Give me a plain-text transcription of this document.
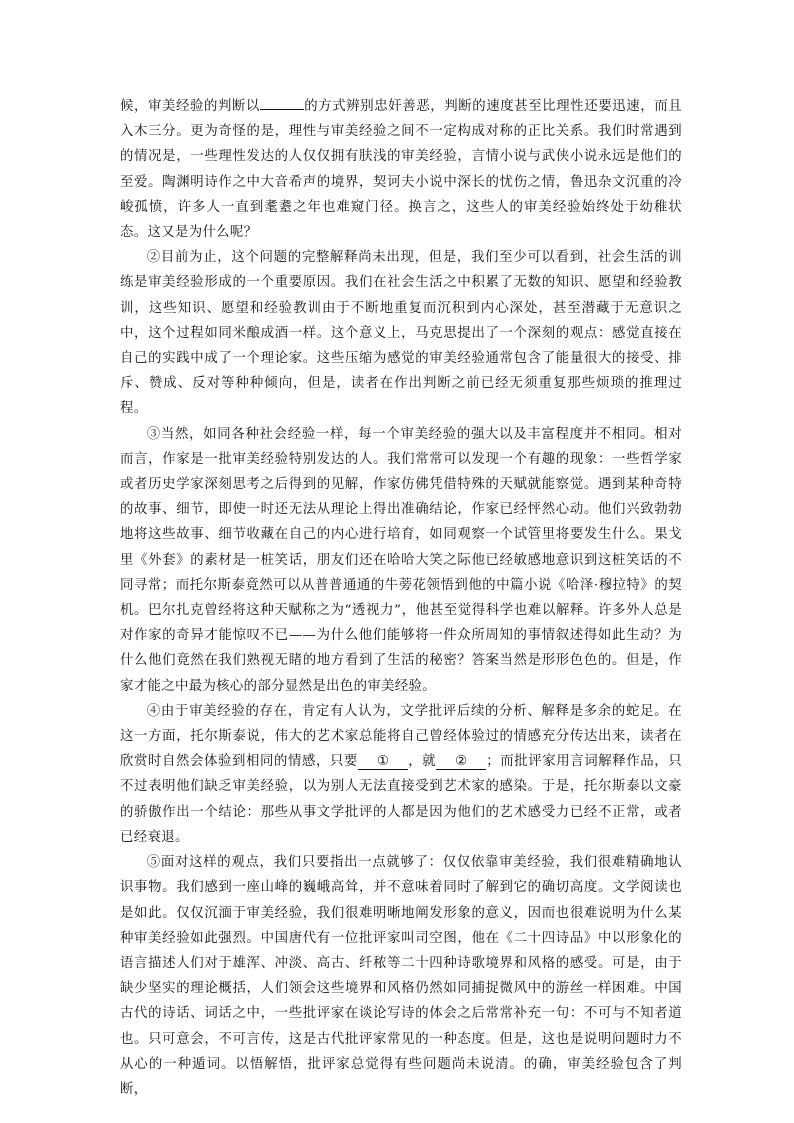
候，审美经验的判断以	的方式辨别忠奸善恶，判断的速度甚至比理性还要迅速，而且入木三分。更为奇怪的是，理性与审美经验之间不一定构成对称的正比关系。我们时常遇到的情况是，一些理性发达的人仅仅拥有肤浅的审美经验，言情小说与武侠小说永远是他们的至爱。陶渊明诗作之中大音希声的境界，契诃夫小说中深长的忧伤之情，鲁迅杂文沉重的冷峻孤愤，许多人一直到耄耋之年也难窥门径。换言之，这些人的审美经验始终处于幼稚状态。这又是为什么呢？

②目前为止，这个问题的完整解释尚未出现，但是，我们至少可以看到，社会生活的训练是审美经验形成的一个重要原因。我们在社会生活之中积累了无数的知识、愿望和经验教训，这些知识、愿望和经验教训由于不断地重复而沉积到内心深处，甚至潜藏于无意识之中，这个过程如同米酿成酒一样。这个意义上，马克思提出了一个深刻的观点：感觉直接在自己的实践中成了一个理论家。这些压缩为感觉的审美经验通常包含了能量很大的接受、排斥、赞成、反对等种种倾向，但是，读者在作出判断之前已经无须重复那些烦琐的推理过程。

③当然，如同各种社会经验一样，每一个审美经验的强大以及丰富程度并不相同。相对而言，作家是一批审美经验特别发达的人。我们常常可以发现一个有趣的现象：一些哲学家或者历史学家深刻思考之后得到的见解，作家仿佛凭借特殊的天赋就能察觉。遇到某种奇特的故事、细节，即使一时还无法从理论上得出准确结论，作家已经怦然心动。他们兴致勃勃地将这些故事、细节收藏在自己的内心进行培育，如同观察一个试管里将要发生什么。果戈里《外套》的素材是一桩笑话，朋友们还在哈哈大笑之际他已经敏感地意识到这桩笑话的不同寻常；而托尔斯泰竟然可以从普普通通的牛蒡花领悟到他的中篇小说《哈泽·穆拉特》的契机。巴尔扎克曾经将这种天赋称之为“透视力”，他甚至觉得科学也难以解释。许多外人总是对作家的奇异才能惊叹不已——为什么他们能够将一件众所周知的事情叙述得如此生动？为什么他们竟然在我们熟视无睹的地方看到了生活的秘密？答案当然是形形色色的。但是，作家才能之中最为核心的部分显然是出色的审美经验。

④由于审美经验的存在，肯定有人认为，文学批评后续的分析、解释是多余的蛇足。在这一方面，托尔斯泰说，伟大的艺术家总能将自己曾经体验过的情感充分传达出来，读者在欣赏时自然会体验到相同的情感，只要 ① ，就 ② ；而批评家用言词解释作品，只不过表明他们缺乏审美经验，以为别人无法直接受到艺术家的感染。于是，托尔斯泰以文豪的骄傲作出一个结论：那些从事文学批评的人都是因为他们的艺术感受力已经不正常，或者已经衰退。

⑤面对这样的观点，我们只要指出一点就够了：仅仅依靠审美经验，我们很难精确地认识事物。我们感到一座山峰的巍峨高耸，并不意味着同时了解到它的确切高度。文学阅读也是如此。仅仅沉湎于审美经验，我们很难明晰地阐发形象的意义，因而也很难说明为什么某种审美经验如此强烈。中国唐代有一位批评家叫司空图，他在《二十四诗品》中以形象化的语言描述人们对于雄浑、冲淡、高古、纤秾等二十四种诗歌境界和风格的感受。可是，由于缺少坚实的理论概括，人们领会这些境界和风格仍然如同捕捉微风中的游丝一样困难。中国古代的诗话、词话之中，一些批评家在谈论写诗的体会之后常常补充一句：不可与不知者道也。只可意会，不可言传，这是古代批评家常见的一种态度。但是，这也是说明问题时力不从心的一种遁词。以悟解悟，批评家总觉得有些问题尚未说清。的确，审美经验包含了判断，
